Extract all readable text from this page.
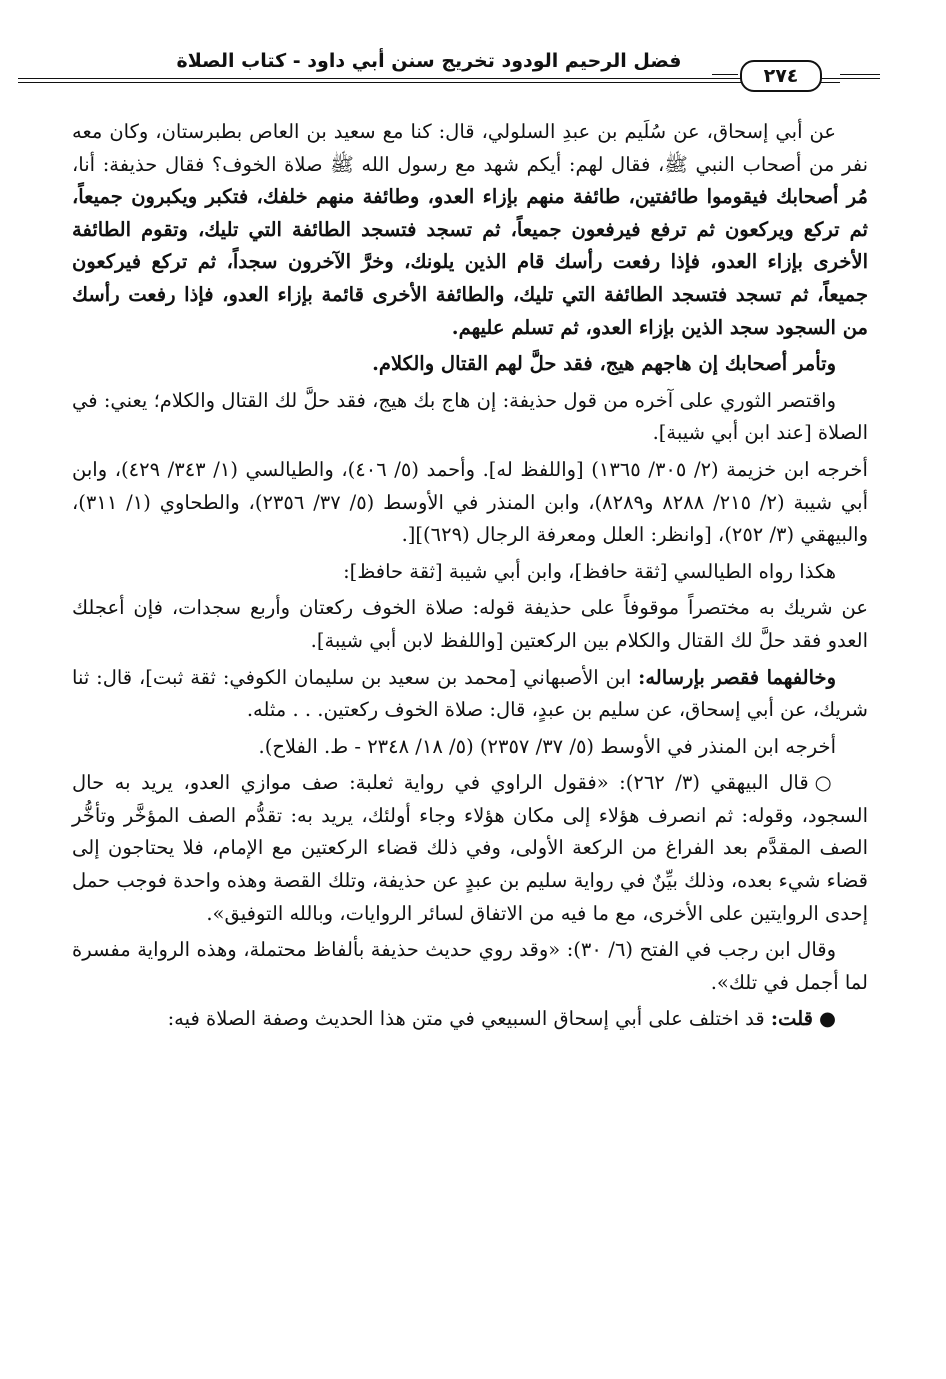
فضل الرحيم الودود تخريج سنن أبي داود - كتاب الصلاة
٢٧٤

عن أبي إسحاق، عن سُلَيم بن عبدِ السلولي، قال: كنا مع سعيد بن العاص بطبرستان، وكان معه نفر من أصحاب النبي ﷺ، فقال لهم: أيكم شهد مع رسول الله ﷺ صلاة الخوف؟ فقال حذيفة: أنا، مُر أصحابك فيقوموا طائفتين، طائفة منهم بإزاء العدو، وطائفة منهم خلفك، فتكبر ويكبرون جميعاً، ثم تركع ويركعون ثم ترفع فيرفعون جميعاً، ثم تسجد فتسجد الطائفة التي تليك، وتقوم الطائفة الأخرى بإزاء العدو، فإذا رفعت رأسك قام الذين يلونك، وخرَّ الآخرون سجداً، ثم تركع فيركعون جميعاً، ثم تسجد فتسجد الطائفة التي تليك، والطائفة الأخرى قائمة بإزاء العدو، فإذا رفعت رأسك من السجود سجد الذين بإزاء العدو، ثم تسلم عليهم.

وتأمر أصحابك إن هاجهم هيج، فقد حلَّ لهم القتال والكلام.

واقتصر الثوري على آخره من قول حذيفة: إن هاج بك هيج، فقد حلَّ لك القتال والكلام؛ يعني: في الصلاة [عند ابن أبي شيبة].

أخرجه ابن خزيمة (٢/ ٣٠٥/ ١٣٦٥) [واللفظ له]. وأحمد (٥/ ٤٠٦)، والطيالسي (١/ ٣٤٣/ ٤٢٩)، وابن أبي شيبة (٢/ ٢١٥/ ٨٢٨٨ و٨٢٨٩)، وابن المنذر في الأوسط (٥/ ٣٧/ ٢٣٥٦)، والطحاوي (١/ ٣١١)، والبيهقي (٣/ ٢٥٢)، [وانظر: العلل ومعرفة الرجال (٦٢٩)][.

هكذا رواه الطيالسي [ثقة حافظ]، وابن أبي شيبة [ثقة حافظ]:

عن شريك به مختصراً موقوفاً على حذيفة قوله: صلاة الخوف ركعتان وأربع سجدات، فإن أعجلك العدو فقد حلَّ لك القتال والكلام بين الركعتين [واللفظ لابن أبي شيبة].

وخالفهما فقصر بإرساله: ابن الأصبهاني [محمد بن سعيد بن سليمان الكوفي: ثقة ثبت]، قال: ثنا شريك، عن أبي إسحاق، عن سليم بن عبدٍ، قال: صلاة الخوف ركعتين. . . مثله.

أخرجه ابن المنذر في الأوسط (٥/ ٣٧/ ٢٣٥٧) (٥/ ١٨/ ٢٣٤٨ - ط. الفلاح).

○قال البيهقي (٣/ ٢٦٢): «فقول الراوي في رواية ثعلبة: صف موازي العدو، يريد به حال السجود، وقوله: ثم انصرف هؤلاء إلى مكان هؤلاء وجاء أولئك، يريد به: تقدُّم الصف المؤخَّر وتأخُّر الصف المقدَّم بعد الفراغ من الركعة الأولى، وفي ذلك قضاء الركعتين مع الإمام، فلا يحتاجون إلى قضاء شيء بعده، وذلك بيِّنٌ في رواية سليم بن عبدٍ عن حذيفة، وتلك القصة وهذه واحدة فوجب حمل إحدى الروايتين على الأخرى، مع ما فيه من الاتفاق لسائر الروايات، وبالله التوفيق».

وقال ابن رجب في الفتح (٦/ ٣٠): «وقد روي حديث حذيفة بألفاظ محتملة، وهذه الرواية مفسرة لما أجمل في تلك».

●قلت: قد اختلف على أبي إسحاق السبيعي في متن هذا الحديث وصفة الصلاة فيه:
